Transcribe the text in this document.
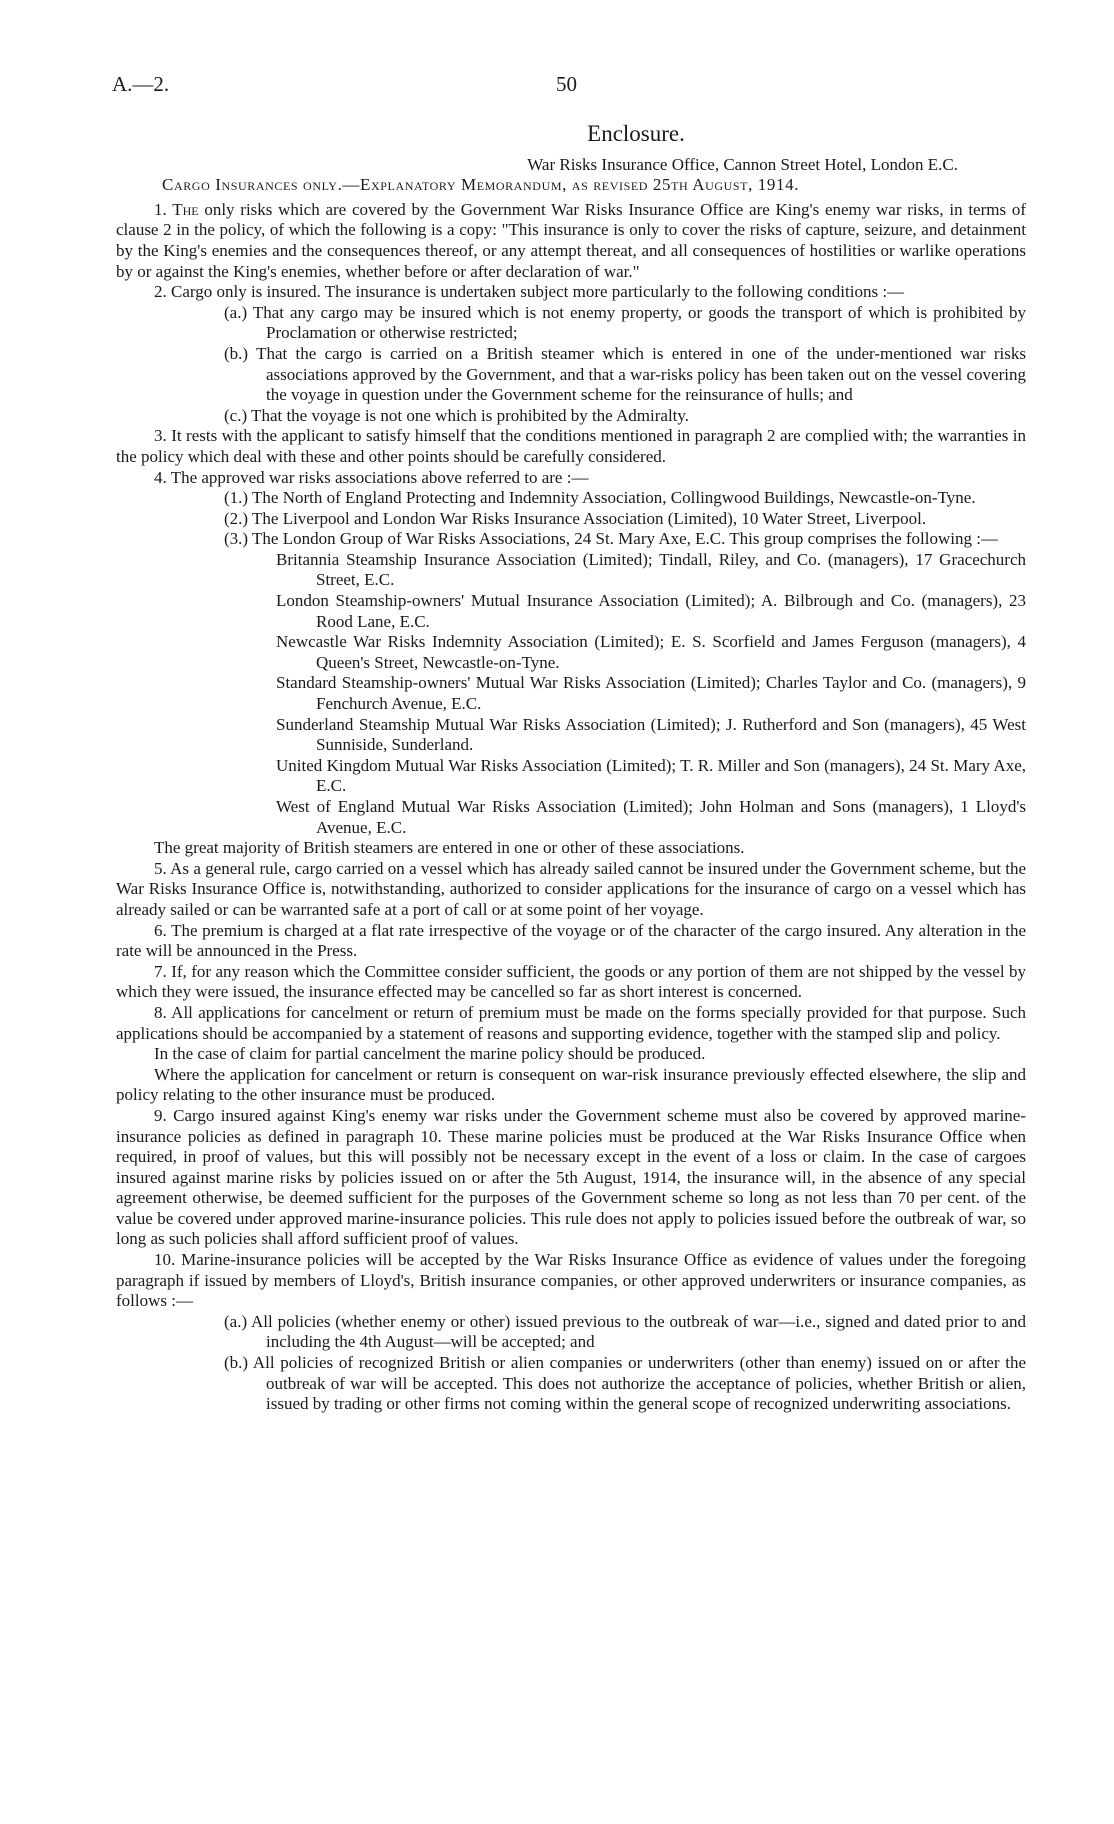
A.—2.	50
Enclosure.
War Risks Insurance Office, Cannon Street Hotel, London E.C.
Cargo Insurances only.—Explanatory Memorandum, as revised 25th August, 1914.

1. The only risks which are covered by the Government War Risks Insurance Office are King's enemy war risks, in terms of clause 2 in the policy, of which the following is a copy: "This insurance is only to cover the risks of capture, seizure, and detainment by the King's enemies and the consequences thereof, or any attempt thereat, and all consequences of hostilities or warlike operations by or against the King's enemies, whether before or after declaration of war."

2. Cargo only is insured. The insurance is undertaken subject more particularly to the following conditions :—

(a.) That any cargo may be insured which is not enemy property, or goods the transport of which is prohibited by Proclamation or otherwise restricted;
(b.) That the cargo is carried on a British steamer which is entered in one of the under-mentioned war risks associations approved by the Government, and that a war-risks policy has been taken out on the vessel covering the voyage in question under the Government scheme for the reinsurance of hulls; and
(c.) That the voyage is not one which is prohibited by the Admiralty.

3. It rests with the applicant to satisfy himself that the conditions mentioned in paragraph 2 are complied with; the warranties in the policy which deal with these and other points should be carefully considered.

4. The approved war risks associations above referred to are :—

(1.) The North of England Protecting and Indemnity Association, Collingwood Buildings, Newcastle-on-Tyne.
(2.) The Liverpool and London War Risks Insurance Association (Limited), 10 Water Street, Liverpool.
(3.) The London Group of War Risks Associations, 24 St. Mary Axe, E.C. This group comprises the following :—
Britannia Steamship Insurance Association (Limited); Tindall, Riley, and Co. (managers), 17 Gracechurch Street, E.C.
London Steamship-owners' Mutual Insurance Association (Limited); A. Bilbrough and Co. (managers), 23 Rood Lane, E.C.
Newcastle War Risks Indemnity Association (Limited); E. S. Scorfield and James Ferguson (managers), 4 Queen's Street, Newcastle-on-Tyne.
Standard Steamship-owners' Mutual War Risks Association (Limited); Charles Taylor and Co. (managers), 9 Fenchurch Avenue, E.C.
Sunderland Steamship Mutual War Risks Association (Limited); J. Rutherford and Son (managers), 45 West Sunniside, Sunderland.
United Kingdom Mutual War Risks Association (Limited); T. R. Miller and Son (managers), 24 St. Mary Axe, E.C.
West of England Mutual War Risks Association (Limited); John Holman and Sons (managers), 1 Lloyd's Avenue, E.C.

The great majority of British steamers are entered in one or other of these associations.

5. As a general rule, cargo carried on a vessel which has already sailed cannot be insured under the Government scheme, but the War Risks Insurance Office is, notwithstanding, authorized to consider applications for the insurance of cargo on a vessel which has already sailed or can be warranted safe at a port of call or at some point of her voyage.

6. The premium is charged at a flat rate irrespective of the voyage or of the character of the cargo insured. Any alteration in the rate will be announced in the Press.

7. If, for any reason which the Committee consider sufficient, the goods or any portion of them are not shipped by the vessel by which they were issued, the insurance effected may be cancelled so far as short interest is concerned.

8. All applications for cancelment or return of premium must be made on the forms specially provided for that purpose. Such applications should be accompanied by a statement of reasons and supporting evidence, together with the stamped slip and policy.

In the case of claim for partial cancelment the marine policy should be produced.

Where the application for cancelment or return is consequent on war-risk insurance previously effected elsewhere, the slip and policy relating to the other insurance must be produced.

9. Cargo insured against King's enemy war risks under the Government scheme must also be covered by approved marine-insurance policies as defined in paragraph 10. These marine policies must be produced at the War Risks Insurance Office when required, in proof of values, but this will possibly not be necessary except in the event of a loss or claim. In the case of cargoes insured against marine risks by policies issued on or after the 5th August, 1914, the insurance will, in the absence of any special agreement otherwise, be deemed sufficient for the purposes of the Government scheme so long as not less than 70 per cent. of the value be covered under approved marine-insurance policies. This rule does not apply to policies issued before the outbreak of war, so long as such policies shall afford sufficient proof of values.

10. Marine-insurance policies will be accepted by the War Risks Insurance Office as evidence of values under the foregoing paragraph if issued by members of Lloyd's, British insurance companies, or other approved underwriters or insurance companies, as follows :—

(a.) All policies (whether enemy or other) issued previous to the outbreak of war—i.e., signed and dated prior to and including the 4th August—will be accepted; and
(b.) All policies of recognized British or alien companies or underwriters (other than enemy) issued on or after the outbreak of war will be accepted. This does not authorize the acceptance of policies, whether British or alien, issued by trading or other firms not coming within the general scope of recognized underwriting associations.
